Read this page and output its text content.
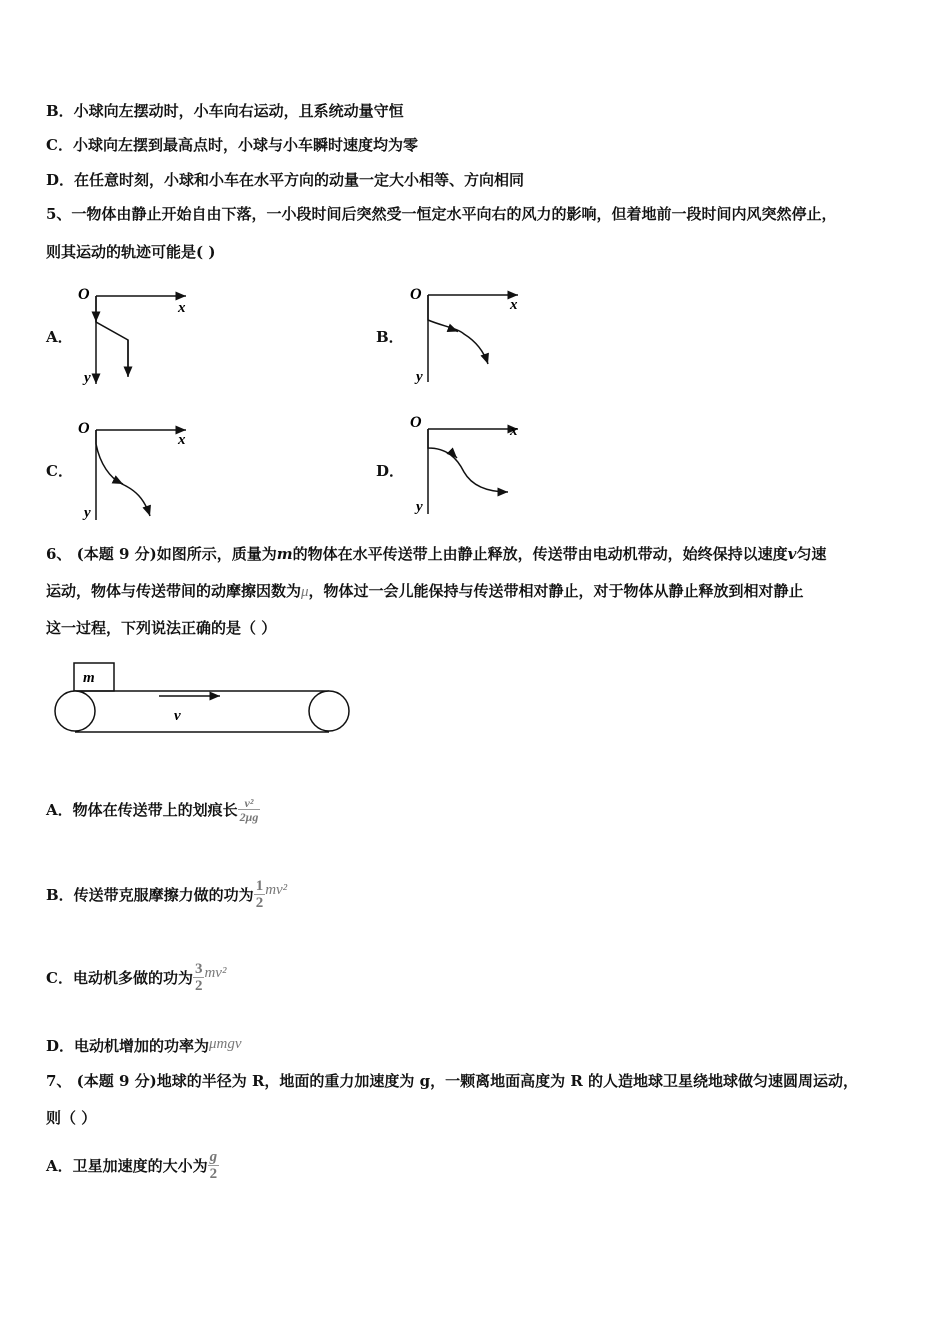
B．小球向左摆动时，小车向右运动，且系统动量守恒
C．小球向左摆到最高点时，小球与小车瞬时速度均为零
D．在任意时刻，小球和小车在水平方向的动量一定大小相等、方向相同
5、一物体由静止开始自由下落，一小段时间后突然受一恒定水平向右的风力的影响，但着地前一段时间内风突然停止，
则其运动的轨迹可能是( )
A．	B．
C．	D．
O
x
y
O
x
y
O
x
y
O	x
y
6、 (本题 9 分)如图所示，质量为m的物体在水平传送带上由静止释放，传送带由电动机带动，始终保持以速度v匀速
运动，物体与传送带间的动摩擦因数为μ，物体过一会儿能保持与传送带相对静止，对于物体从静止释放到相对静止
这一过程，下列说法正确的是（ ）
m
v
A．物体在传送带上的划痕长 $\frac{\text{v²}}{2\mu g}$
B．传送带克服摩擦力做的功为 $\frac{1}{2} mv^2$
C．电动机多做的功为 $\frac{3}{2} mv^2$
D．电动机增加的功率为μmgv
7、 (本题 9 分)地球的半径为 R，地面的重力加速度为 g，一颗离地面高度为 R 的人造地球卫星绕地球做匀速圆周运动，
则（ ）
A．卫星加速度的大小为 $\frac{g}{2}$
